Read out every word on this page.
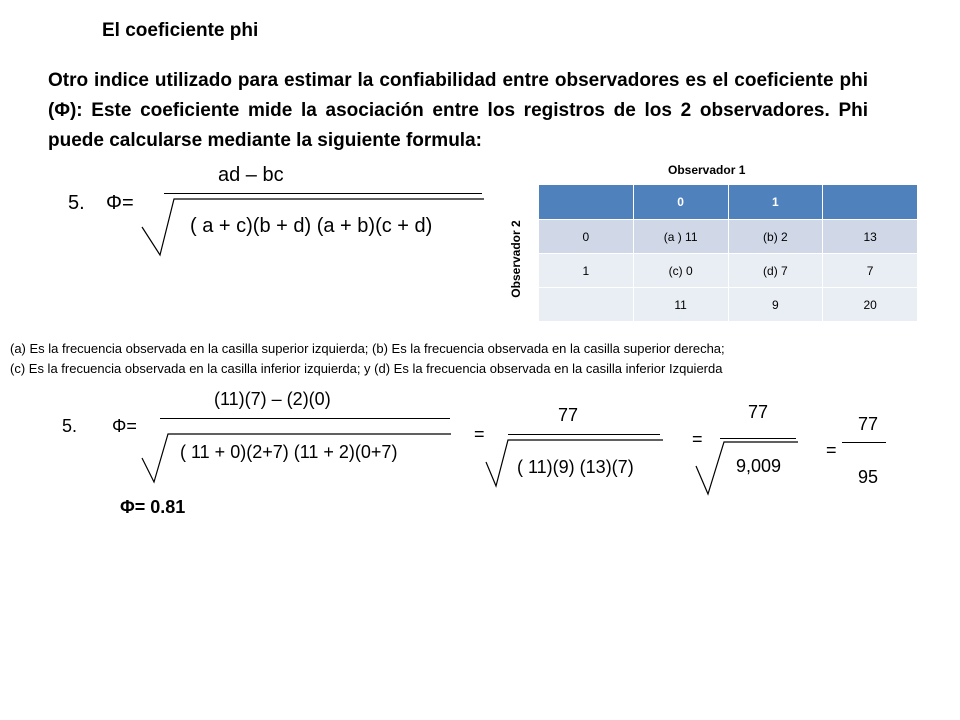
El coeficiente phi
Otro indice utilizado para estimar la confiabilidad entre observadores es el coeficiente phi (Φ): Este coeficiente mide la asociación entre los registros de los 2 observadores. Phi puede calcularse mediante la siguiente formula:
5. Φ=
ad – bc
( a + c)(b + d) (a + b)(c + d)
Observador 1
Observador 2
	0	1	
0	(a ) 11	(b) 2	13
1	(c) 0	(d) 7	7
	11	9	20
(a) Es la frecuencia observada en la casilla superior izquierda; (b) Es la frecuencia observada en la casilla superior derecha;
(c) Es la frecuencia observada en la casilla inferior izquierda; y (d) Es la frecuencia observada en la casilla inferior Izquierda
5. Φ=
(11)(7) – (2)(0)
( 11 + 0)(2+7) (11 + 2)(0+7)
=
77
( 11)(9) (13)(7)
=
77
9,009
=
77
95
Φ= 0.81
